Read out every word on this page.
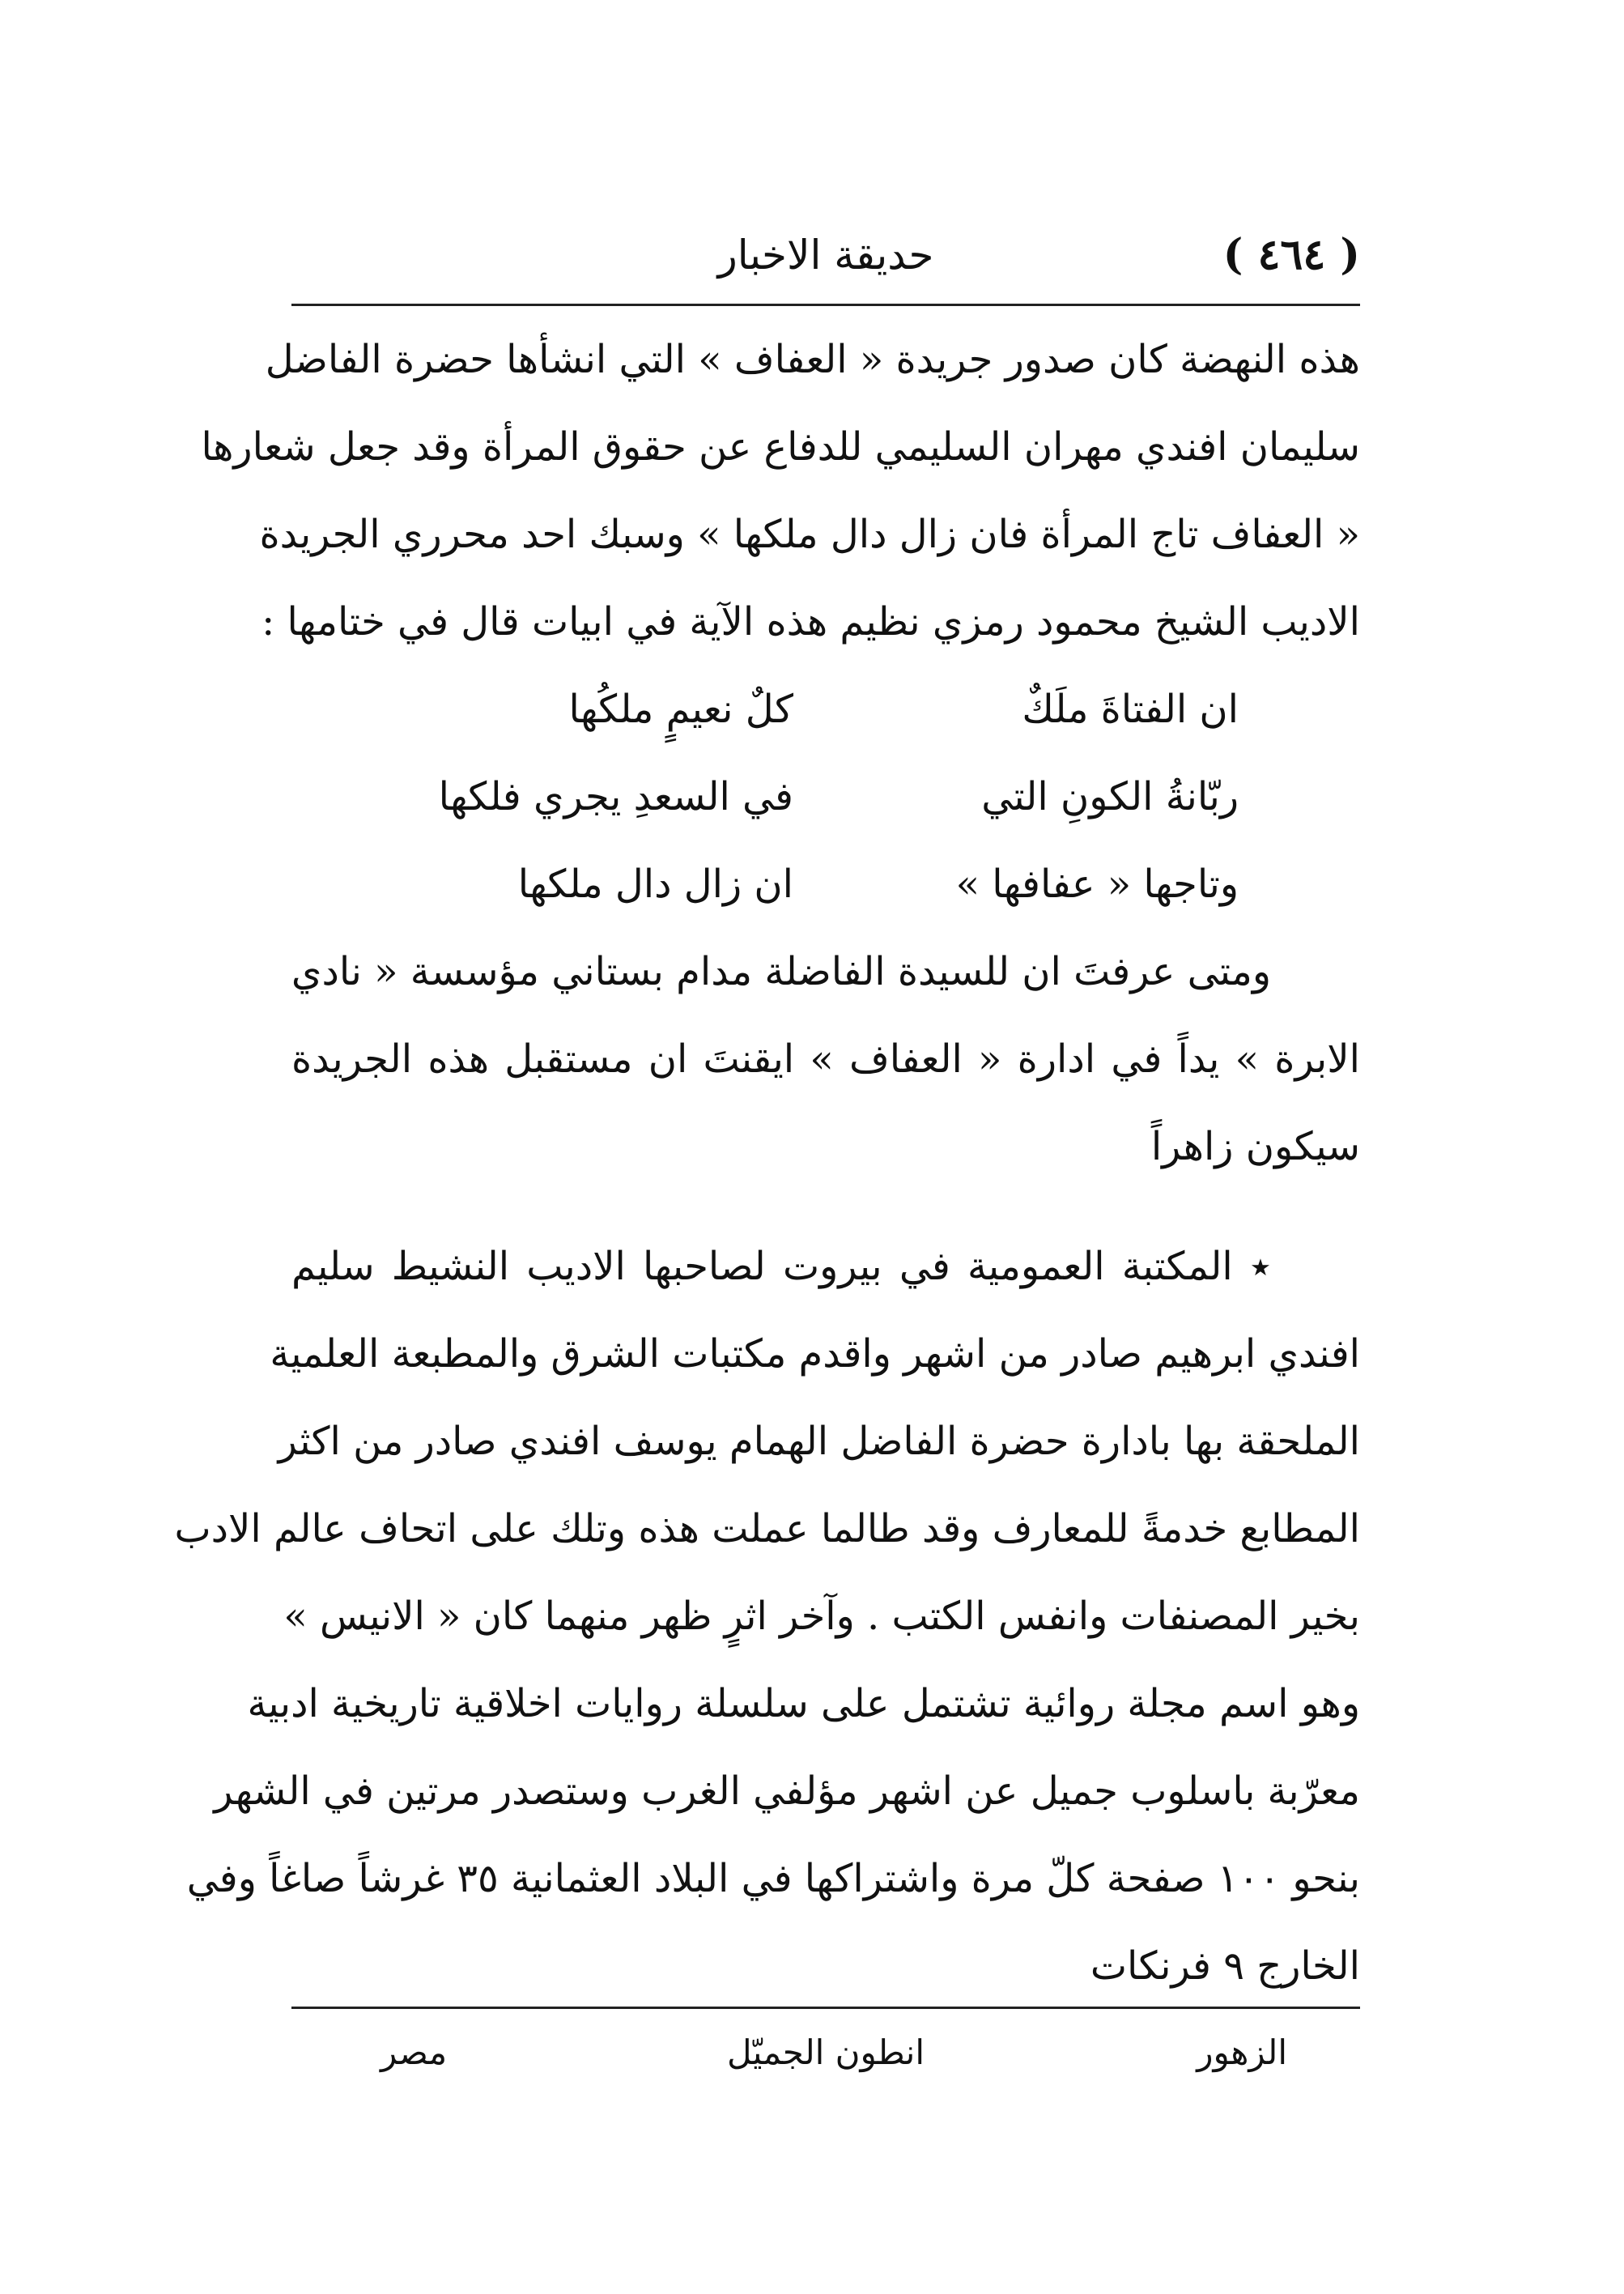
( ٤٦٤ )
حديقة الاخبار
هذه النهضة كان صدور جريدة « العفاف » التي انشأها حضرة الفاضل
سليمان افندي مهران السليمي للدفاع عن حقوق المرأة وقد جعل شعارها
« العفاف تاج المرأة فان زال دال ملكها » وسبك احد محرري الجريدة
الاديب الشيخ محمود رمزي نظيم هذه الآية في ابيات قال في ختامها :
ان الفتاةَ ملَكٌ
كلٌ نعيمٍ ملكُها
ربّانةُ الكونِ التي
في السعدِ يجري فلكها
وتاجها « عفافها »
ان زال دال ملكها
ومتى عرفتَ ان للسيدة الفاضلة مدام بستاني مؤسسة « نادي
الابرة » يداً في ادارة « العفاف » ايقنتَ ان مستقبل هذه الجريدة
سيكون زاهراً
٭ المكتبة العمومية في بيروت لصاحبها الاديب النشيط سليم
افندي ابرهيم صادر من اشهر واقدم مكتبات الشرق والمطبعة العلمية
الملحقة بها بادارة حضرة الفاضل الهمام يوسف افندي صادر من اكثر
المطابع خدمةً للمعارف وقد طالما عملت هذه وتلك على اتحاف عالم الادب
بخير المصنفات وانفس الكتب . وآخر اثرٍ ظهر منهما كان « الانيس »
وهو اسم مجلة روائية تشتمل على سلسلة روايات اخلاقية تاريخية ادبية
معرّبة باسلوب جميل عن اشهر مؤلفي الغرب وستصدر مرتين في الشهر
بنحو ١٠٠ صفحة كلّ مرة واشتراكها في البلاد العثمانية ٣٥ غرشاً صاغاً وفي
الخارج ٩ فرنكات
الزهور
انطون الجميّل
مصر
